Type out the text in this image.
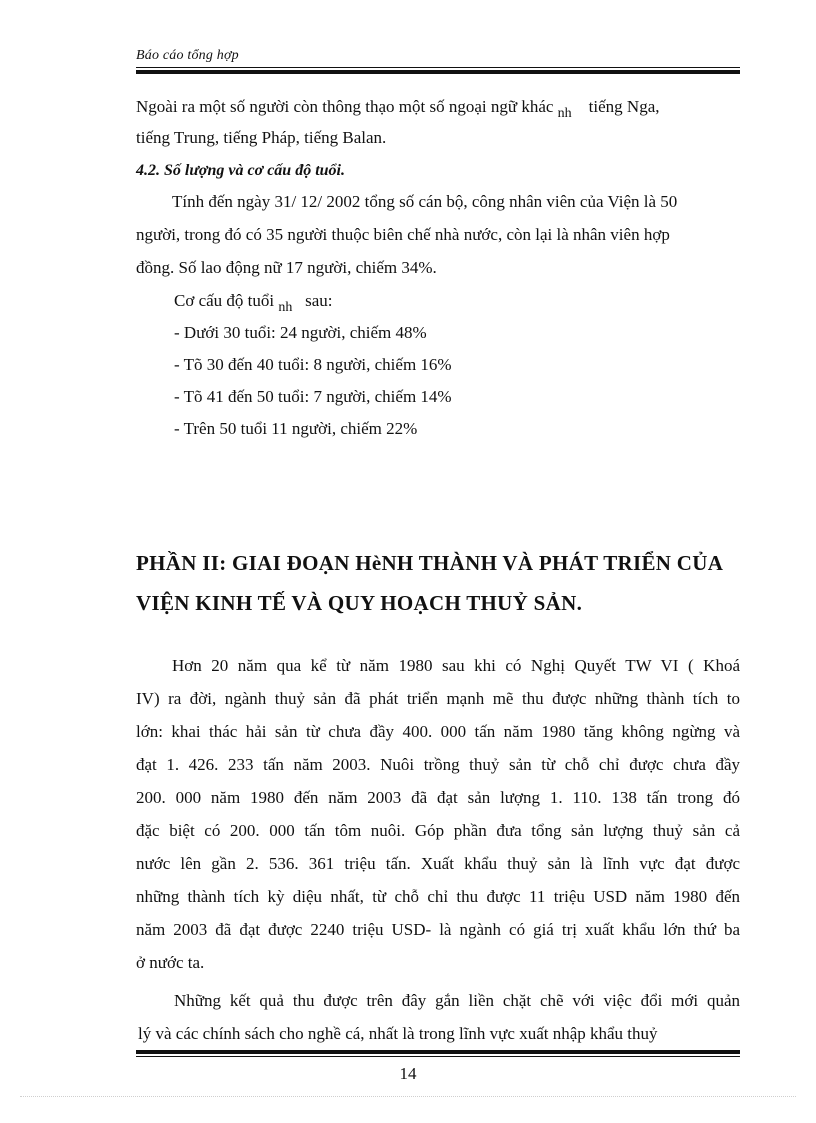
Báo cáo tổng hợp
Ngoài ra một số người còn thông thạo một số ngoại ngữ khác $_{nh}$ tiếng Nga,
tiếng Trung, tiếng Pháp, tiếng Balan.
4.2. Số lượng và cơ cấu độ tuổi.
Tính đến ngày 31/ 12/ 2002 tổng số cán bộ, công nhân viên của Viện là 50
người, trong đó có 35 người thuộc biên chế nhà nước, còn lại là nhân viên hợp
đồng. Số lao động nữ 17 người, chiếm 34%.
Cơ cấu độ tuổi $_{nh}$ sau:
- Dưới 30 tuổi: 24 người, chiếm 48%
- Tõ 30 đến 40 tuổi: 8 người, chiếm 16%
- Tõ 41 đến 50 tuổi: 7 người, chiếm 14%
- Trên 50 tuổi 11 người, chiếm 22%
PHẦN II: GIAI ĐOẠN HèNH THÀNH VÀ PHÁT TRIỂN CỦA
VIỆN KINH TẾ VÀ QUY HOẠCH THUỶ SẢN.
Hơn 20 năm qua kể từ năm 1980 sau khi có Nghị Quyết TW VI ( Khoá
IV) ra đời, ngành thuỷ sản đã phát triển mạnh mẽ thu được những thành tích to
lớn: khai thác hải sản từ chưa đầy 400. 000 tấn năm 1980 tăng không ngừng và
đạt 1. 426. 233 tấn năm 2003. Nuôi trồng thuỷ sản từ chỗ chỉ được chưa đầy
200. 000 năm 1980 đến năm 2003 đã đạt sản lượng 1. 110. 138 tấn trong đó
đặc biệt có 200. 000 tấn tôm nuôi. Góp phần đưa tổng sản lượng thuỷ sản cả
nước lên gần 2. 536. 361 triệu tấn. Xuất khẩu thuỷ sản là lĩnh vực đạt được
những thành tích kỳ diệu nhất, từ chỗ chỉ thu được 11 triệu USD năm 1980 đến
năm 2003 đã đạt được 2240 triệu USD- là ngành có giá trị xuất khẩu lớn thứ ba
ở nước ta.
Những kết quả thu được trên đây gắn liền chặt chẽ với việc đổi mới quản
lý và các chính sách cho nghề cá, nhất là trong lĩnh vực xuất nhập khẩu thuỷ
14
